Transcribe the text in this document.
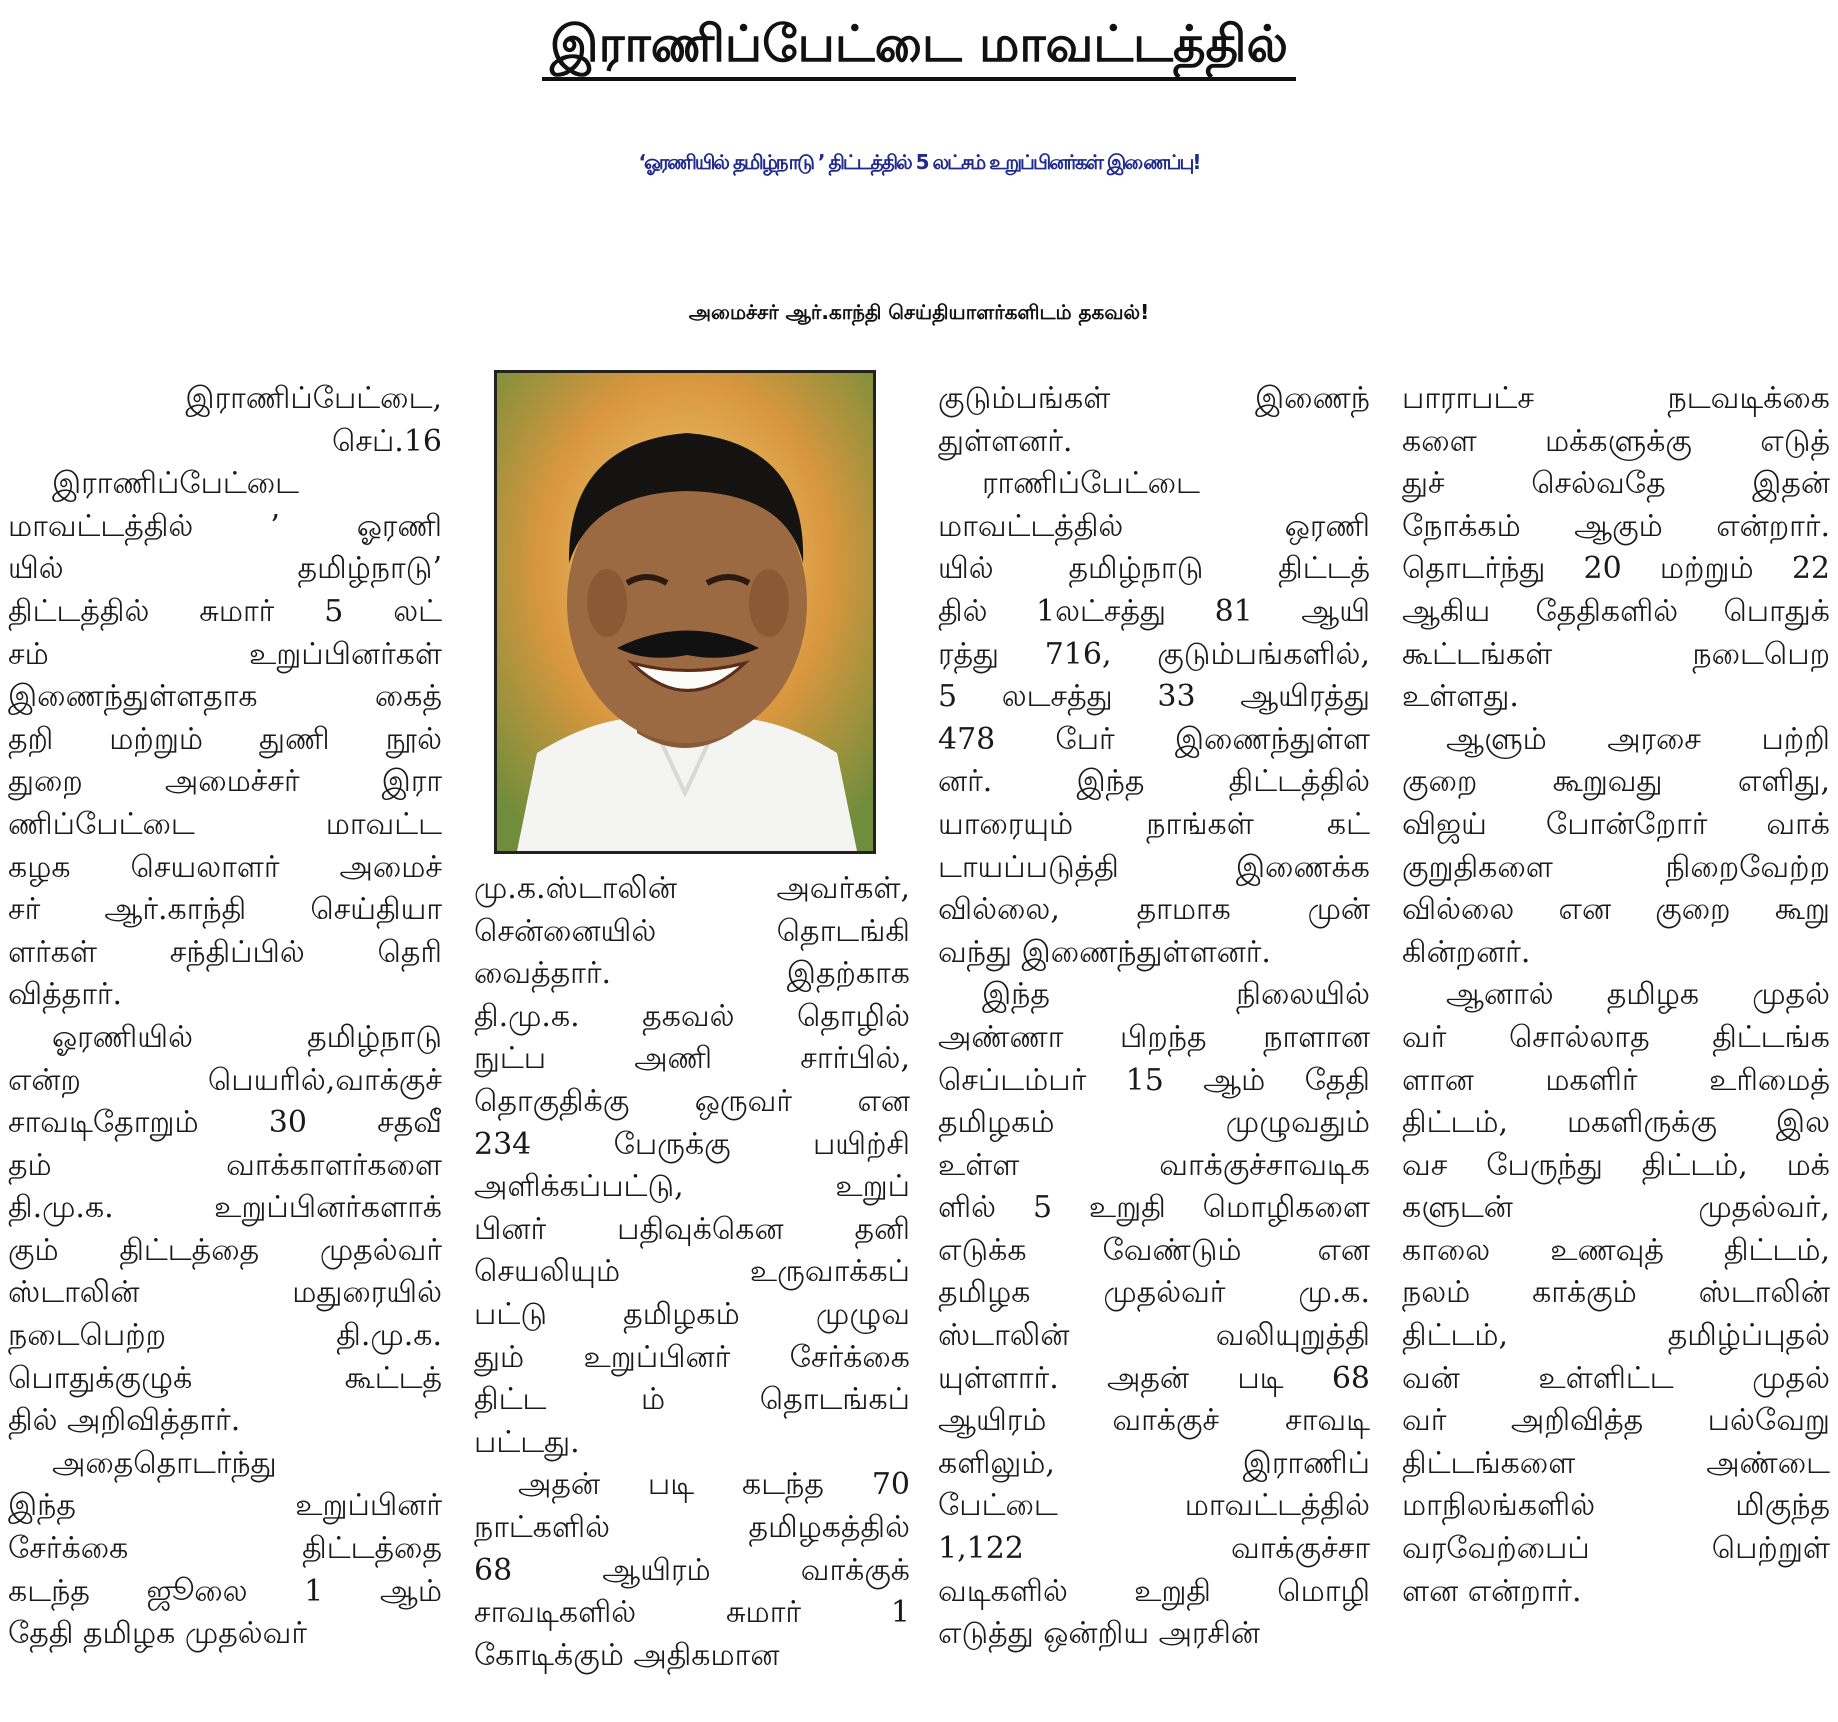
இராணிப்பேட்டை மாவட்டத்தில்
‘ஓரணியில் தமிழ்நாடு ’ திட்டத்தில் 5 லட்சம் உறுப்பினர்கள் இணைப்பு!
அமைச்சர் ஆர்.காந்தி செய்தியாளர்களிடம் தகவல்!
இராணிப்பேட்டை,
செப்.16
இராணிப்பேட்டை
மாவட்டத்தில் ’ ஓரணி
யில் தமிழ்நாடு’
திட்டத்தில் சுமார் 5 லட்
சம் உறுப்பினர்கள்
இணைந்துள்ளதாக கைத்
தறி மற்றும் துணி நூல்
துறை அமைச்சர் இரா
ணிப்பேட்டை மாவட்ட
கழக செயலாளர் அமைச்
சர் ஆர்.காந்தி செய்தியா
ளர்கள் சந்திப்பில் தெரி
வித்தார்.
ஓரணியில் தமிழ்நாடு
என்ற பெயரில்,வாக்குச்
சாவடிதோறும் 30 சதவீ
தம் வாக்காளர்களை
தி.மு.க. உறுப்பினர்களாக்
கும் திட்டத்தை முதல்வர்
ஸ்டாலின் மதுரையில்
நடைபெற்ற தி.மு.க.
பொதுக்குழுக் கூட்டத்
தில் அறிவித்தார்.
அதைதொடர்ந்து
இந்த உறுப்பினர்
சேர்க்கை திட்டத்தை
கடந்த ஜூலை 1 ஆம்
தேதி தமிழக முதல்வர்
மு.க.ஸ்டாலின் அவர்கள்,
சென்னையில் தொடங்கி
வைத்தார். இதற்காக
தி.மு.க. தகவல் தொழில்
நுட்ப அணி சார்பில்,
தொகுதிக்கு ஒருவர் என
234 பேருக்கு பயிற்சி
அளிக்கப்பட்டு, உறுப்
பினர் பதிவுக்கென தனி
செயலியும் உருவாக்கப்
பட்டு தமிழகம் முழுவ
தும் உறுப்பினர் சேர்க்கை
திட்ட ம் தொடங்கப்
பட்டது.
அதன் படி கடந்த 70
நாட்களில் தமிழகத்தில்
68 ஆயிரம் வாக்குக்
சாவடிகளில் சுமார் 1
கோடிக்கும் அதிகமான
குடும்பங்கள் இணைந்
துள்ளனர்.
ராணிப்பேட்டை
மாவட்டத்தில் ஒரணி
யில் தமிழ்நாடு திட்டத்
தில் 1லட்சத்து 81 ஆயி
ரத்து 716, குடும்பங்களில்,
5 லடசத்து 33 ஆயிரத்து
478 பேர் இணைந்துள்ள
னர். இந்த திட்டத்தில்
யாரையும் நாங்கள் கட்
டாயப்படுத்தி இணைக்க
வில்லை, தாமாக முன்
வந்து இணைந்துள்ளனர்.
இந்த நிலையில்
அண்ணா பிறந்த நாளான
செப்டம்பர் 15 ஆம் தேதி
தமிழகம் முழுவதும்
உள்ள வாக்குச்சாவடிக
ளில் 5 உறுதி மொழிகளை
எடுக்க வேண்டும் என
தமிழக முதல்வர் மு.க.
ஸ்டாலின் வலியுறுத்தி
யுள்ளார். அதன் படி 68
ஆயிரம் வாக்குச் சாவடி
களிலும், இராணிப்
பேட்டை மாவட்டத்தில்
1,122 வாக்குச்சா
வடிகளில் உறுதி மொழி
எடுத்து ஒன்றிய அரசின்
பாராபட்ச நடவடிக்கை
களை மக்களுக்கு எடுத்
துச் செல்வதே இதன்
நோக்கம் ஆகும் என்றார்.
தொடர்ந்து 20 மற்றும் 22
ஆகிய தேதிகளில் பொதுக்
கூட்டங்கள் நடைபெற
உள்ளது.
ஆளும் அரசை பற்றி
குறை கூறுவது எளிது,
விஜய் போன்றோர் வாக்
குறுதிகளை நிறைவேற்ற
வில்லை என குறை கூறு
கின்றனர்.
ஆனால் தமிழக முதல்
வர் சொல்லாத திட்டங்க
ளான மகளிர் உரிமைத்
திட்டம், மகளிருக்கு இல
வச பேருந்து திட்டம், மக்
களுடன் முதல்வர்,
காலை உணவுத் திட்டம்,
நலம் காக்கும் ஸ்டாலின்
திட்டம், தமிழ்ப்புதல்
வன் உள்ளிட்ட முதல்
வர் அறிவித்த பல்வேறு
திட்டங்களை அண்டை
மாநிலங்களில் மிகுந்த
வரவேற்பைப் பெற்றுள்
ளன என்றார்.
